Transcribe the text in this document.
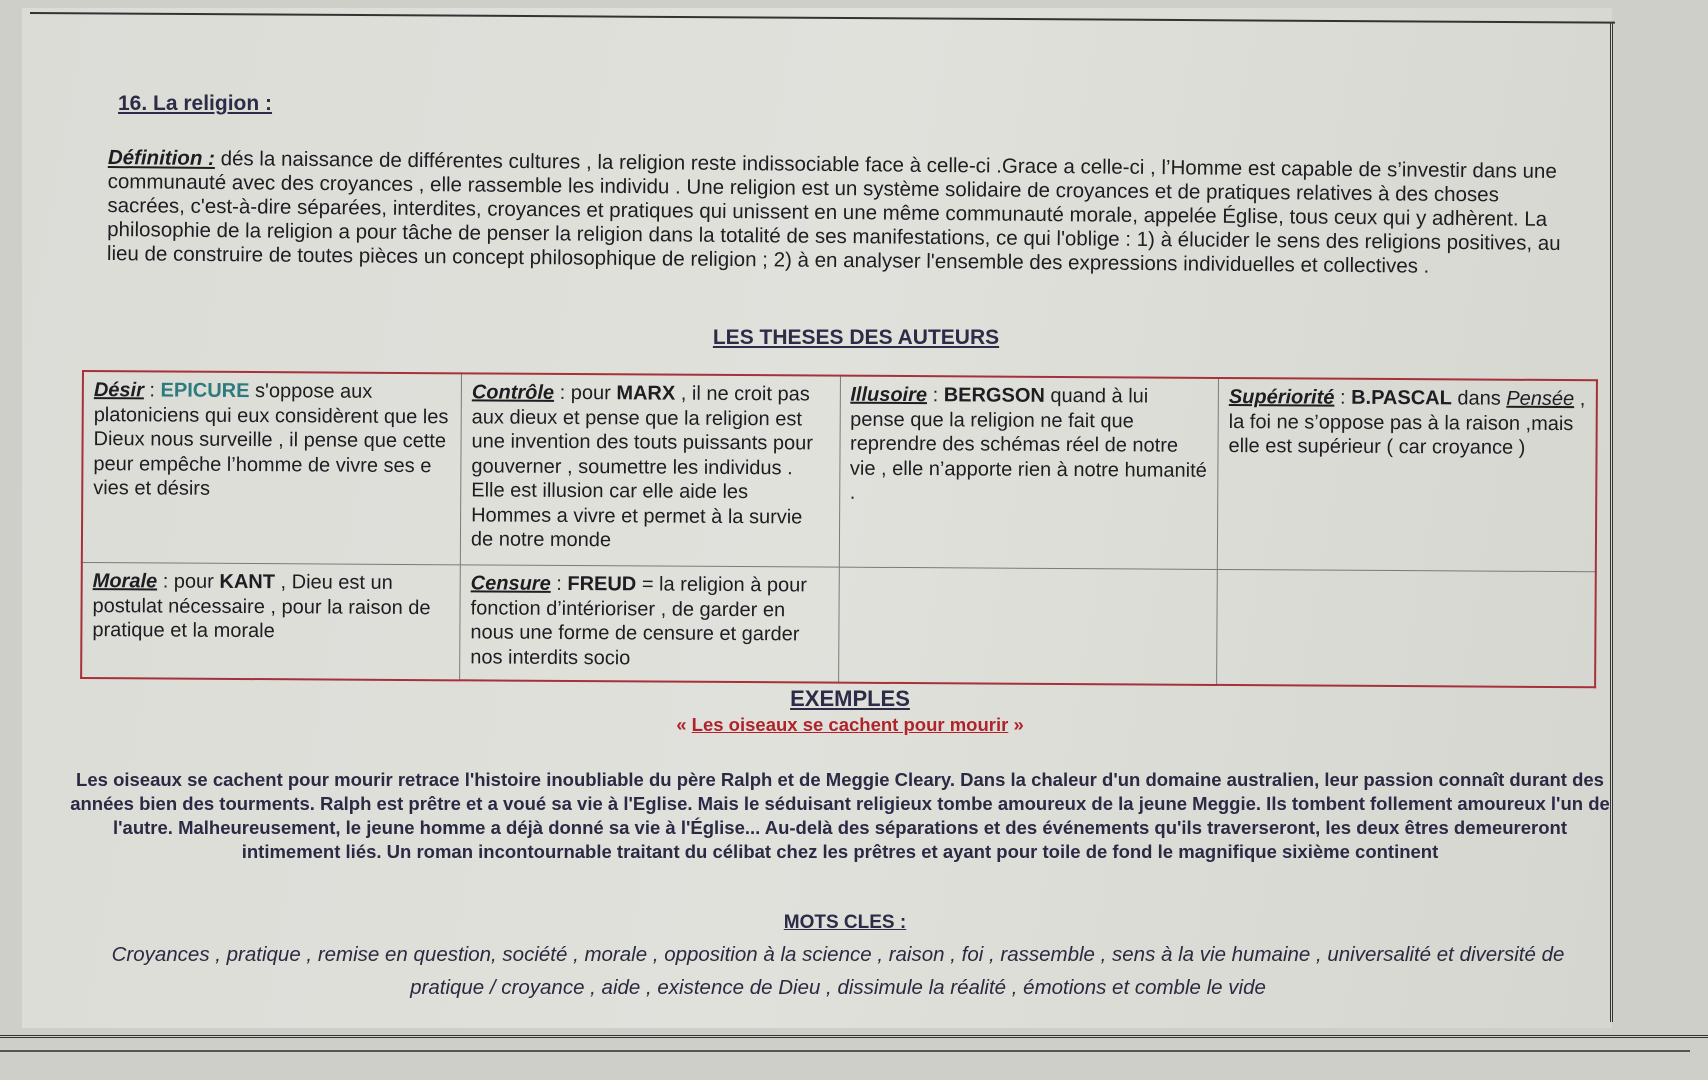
16. La religion :
Définition : dés la naissance de différentes cultures , la religion reste indissociable face à celle-ci .Grace a celle-ci , l’Homme est capable de s’investir dans une communauté avec des croyances , elle rassemble les individu . Une religion est un système solidaire de croyances et de pratiques relatives à des choses sacrées, c'est-à-dire séparées, interdites, croyances et pratiques qui unissent en une même communauté morale, appelée Église, tous ceux qui y adhèrent. La philosophie de la religion a pour tâche de penser la religion dans la totalité de ses manifestations, ce qui l'oblige : 1) à élucider le sens des religions positives, au lieu de construire de toutes pièces un concept philosophique de religion ; 2) à en analyser l'ensemble des expressions individuelles et collectives .
LES THESES DES AUTEURS
Désir : EPICURE s'oppose aux platoniciens qui eux considèrent que les Dieux nous surveille , il pense que cette peur empêche l’homme de vivre ses e vies et désirs	Contrôle : pour MARX , il ne croit pas aux dieux et pense que la religion est une invention des touts puissants pour gouverner , soumettre les individus . Elle est illusion car elle aide les Hommes a vivre et permet à la survie de notre monde	Illusoire : BERGSON quand à lui pense que la religion ne fait que reprendre des schémas réel de notre vie , elle n’apporte rien à notre humanité .	Supériorité : B.PASCAL dans Pensée , la foi ne s’oppose pas à la raison ,mais elle est supérieur ( car croyance )
Morale : pour KANT , Dieu est un postulat nécessaire , pour la raison de pratique et la morale	Censure : FREUD = la religion à pour fonction d’intérioriser , de garder en nous une forme de censure et garder nos interdits socio		
EXEMPLES
« Les oiseaux se cachent pour mourir »
Les oiseaux se cachent pour mourir retrace l'histoire inoubliable du père Ralph et de Meggie Cleary. Dans la chaleur d'un domaine australien, leur passion connaît durant des années bien des tourments. Ralph est prêtre et a voué sa vie à l'Eglise. Mais le séduisant religieux tombe amoureux de la jeune Meggie. Ils tombent follement amoureux l'un de l'autre. Malheureusement, le jeune homme a déjà donné sa vie à l'Église... Au-delà des séparations et des événements qu'ils traverseront, les deux êtres demeureront intimement liés. Un roman incontournable traitant du célibat chez les prêtres et ayant pour toile de fond le magnifique sixième continent
MOTS CLES :
Croyances , pratique , remise en question, société , morale , opposition à la science , raison , foi , rassemble , sens à la vie humaine , universalité et diversité de pratique / croyance , aide , existence de Dieu , dissimule la réalité , émotions et comble le vide
